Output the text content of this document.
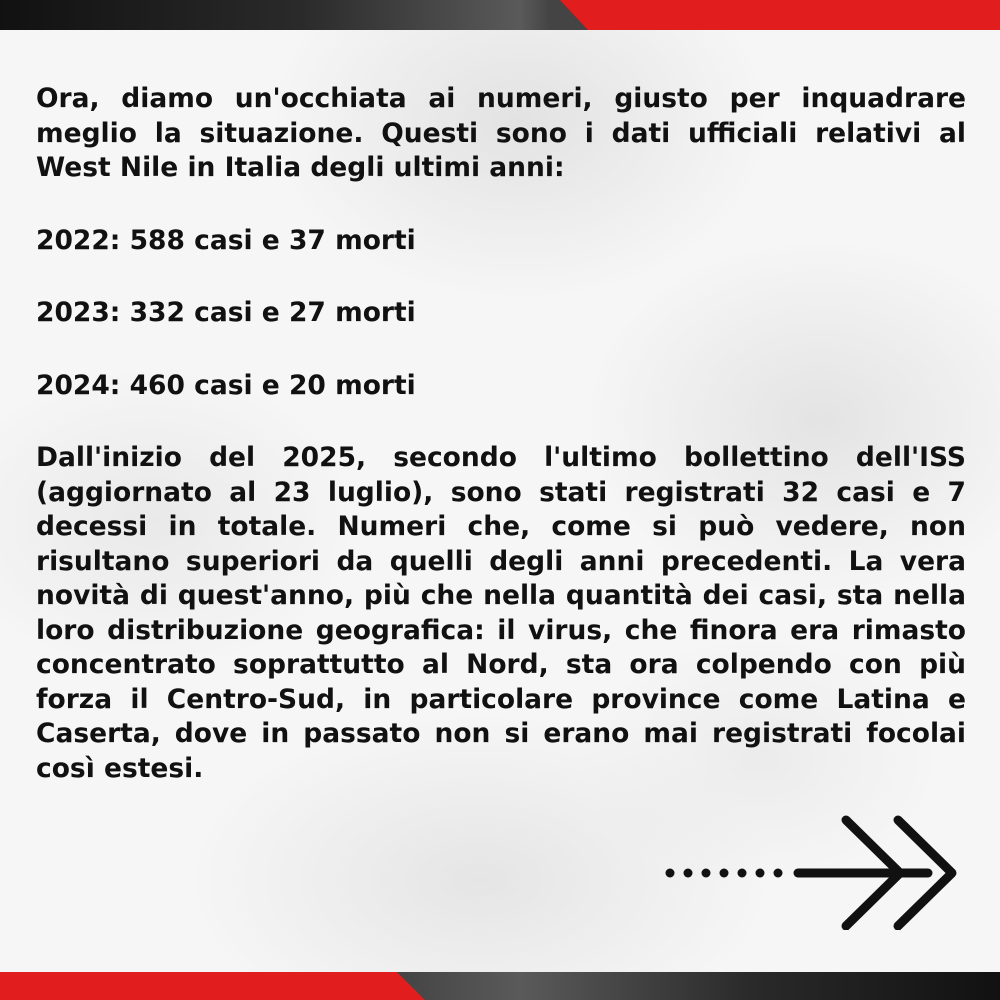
Ora, diamo un'occhiata ai numeri, giusto per inquadrare meglio la situazione. Questi sono i dati ufficiali relativi al West Nile in Italia degli ultimi anni:

2022: 588 casi e 37 morti

2023: 332 casi e 27 morti

2024: 460 casi e 20 morti

Dall'inizio del 2025, secondo l'ultimo bollettino dell'ISS (aggiornato al 23 luglio), sono stati registrati 32 casi e 7 decessi in totale. Numeri che, come si può vedere, non risultano superiori da quelli degli anni precedenti. La vera novità di quest'anno, più che nella quantità dei casi, sta nella loro distribuzione geografica: il virus, che finora era rimasto concentrato soprattutto al Nord, sta ora colpendo con più forza il Centro-Sud, in particolare province come Latina e Caserta, dove in passato non si erano mai registrati focolai così estesi.
